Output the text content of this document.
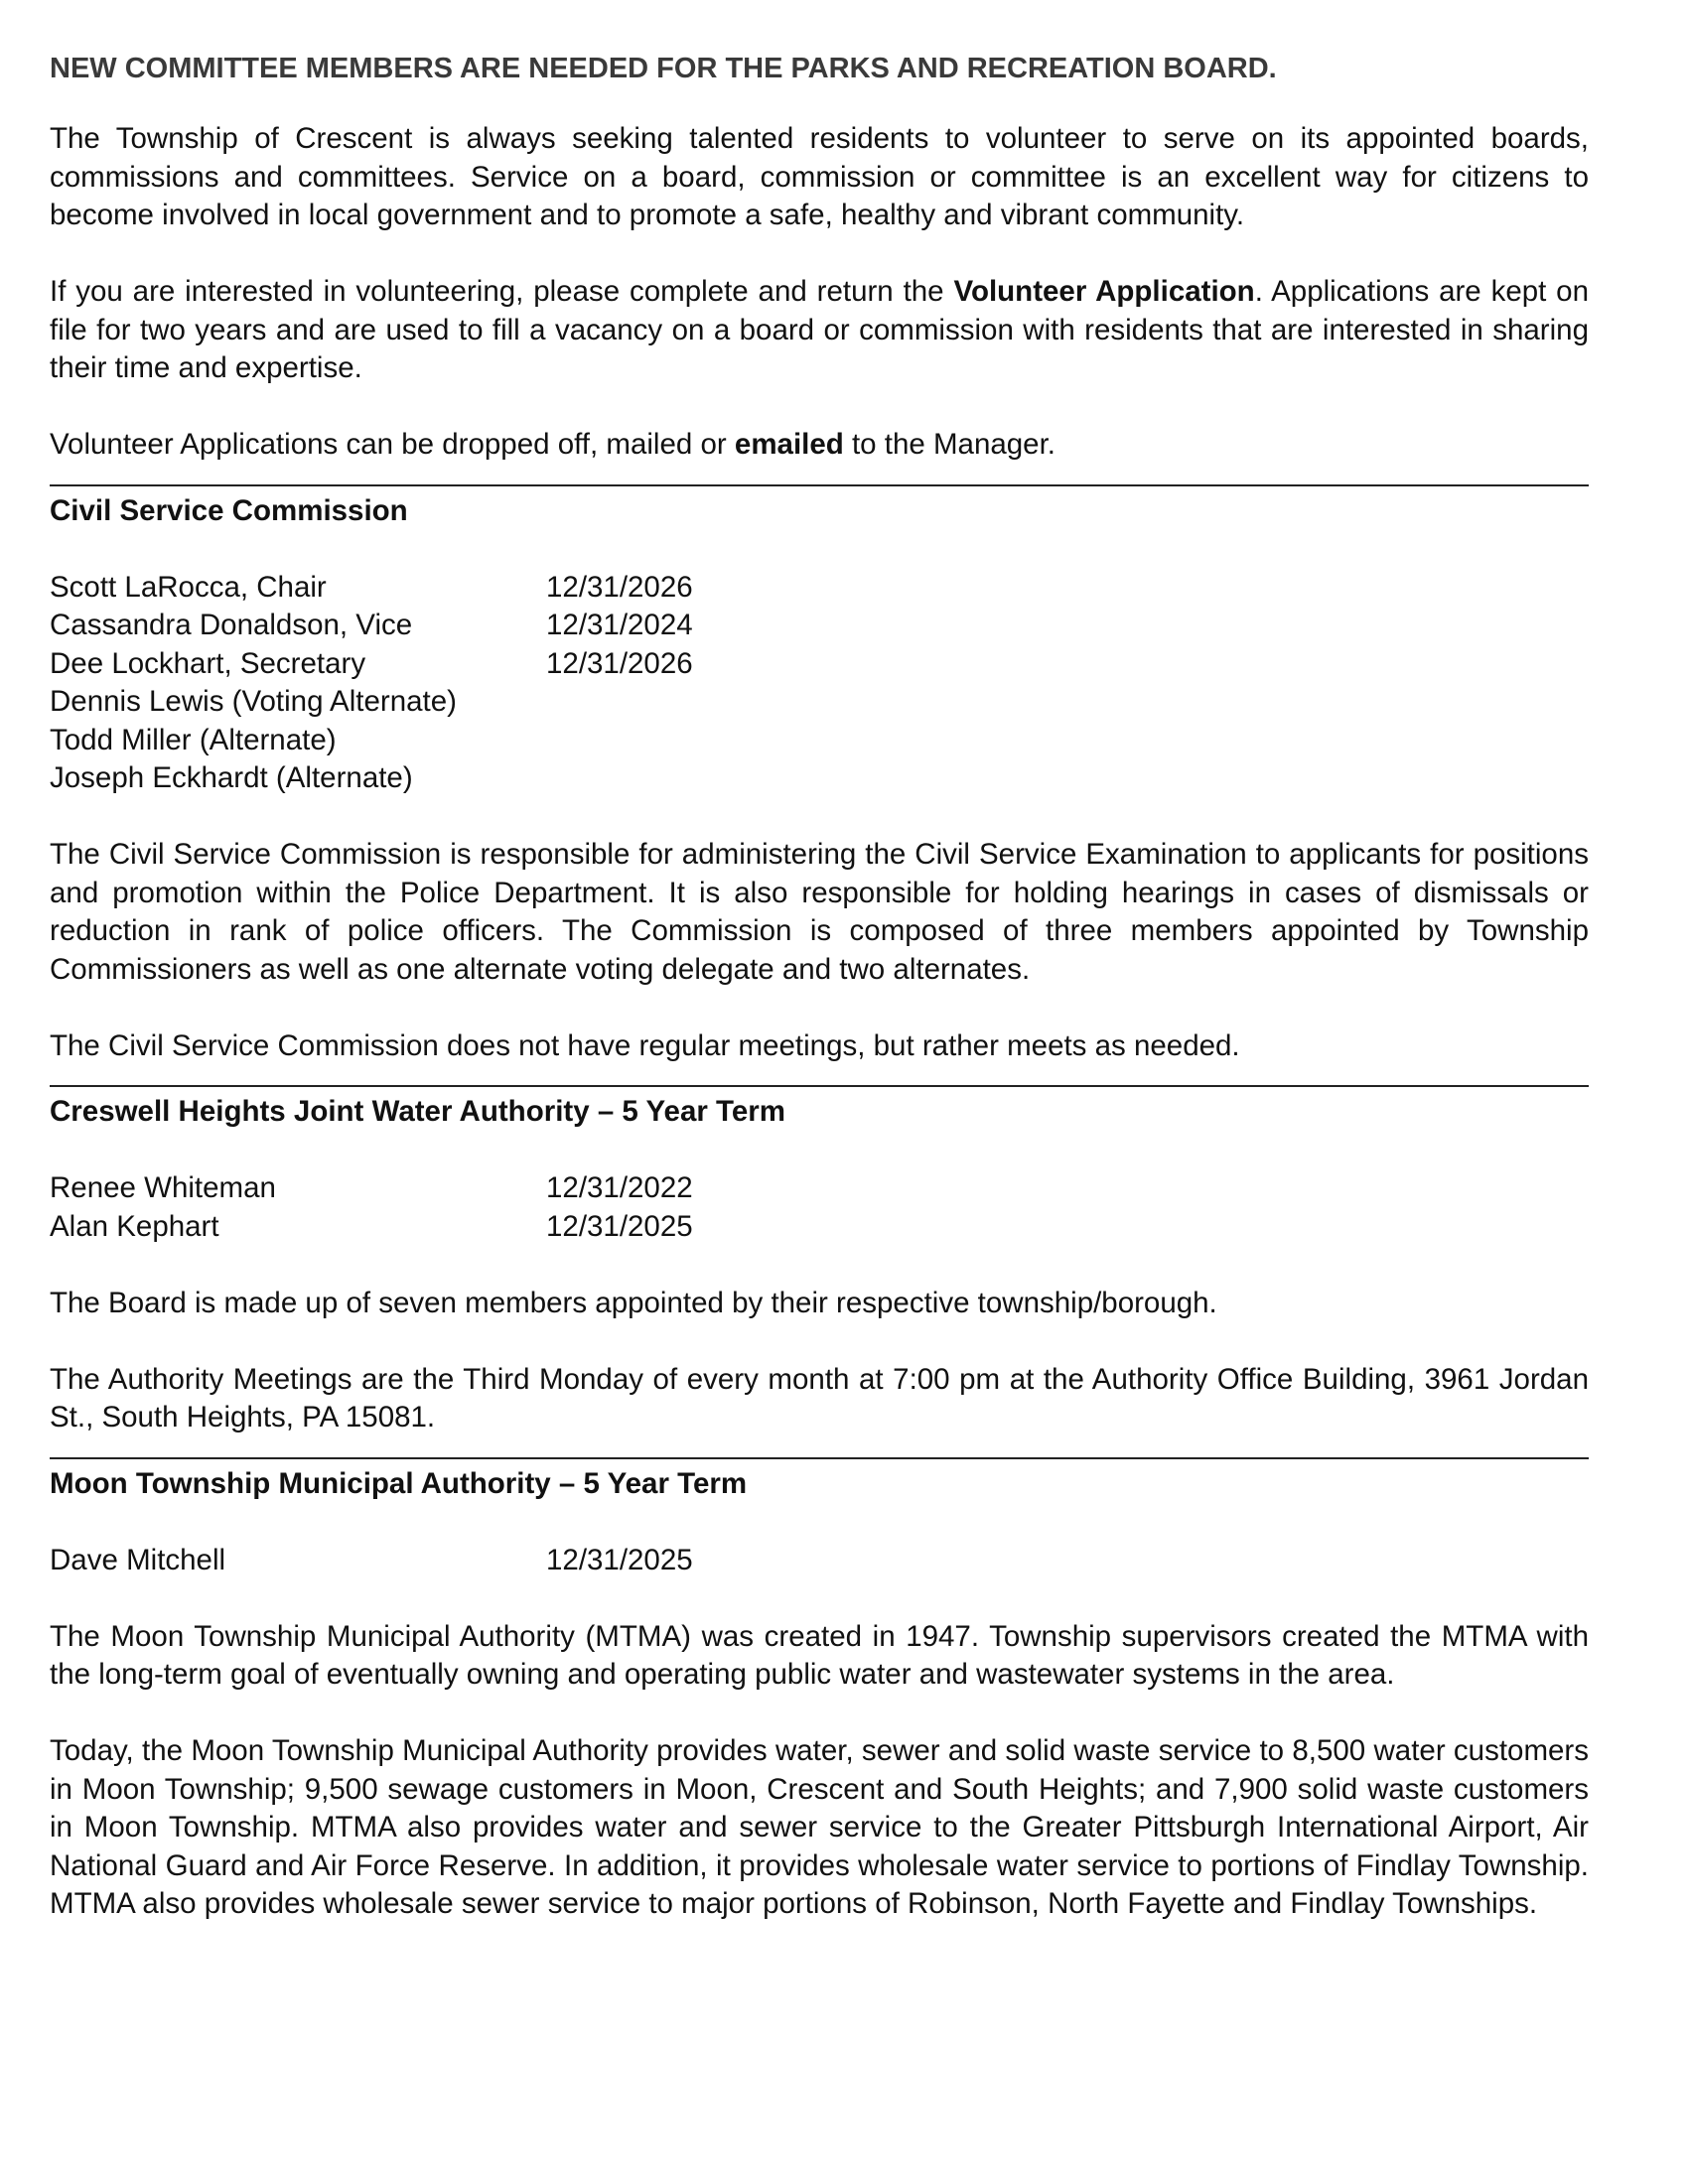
NEW COMMITTEE MEMBERS ARE NEEDED FOR THE PARKS AND RECREATION BOARD.

The Township of Crescent is always seeking talented residents to volunteer to serve on its appointed boards, commissions and committees. Service on a board, commission or committee is an excellent way for citizens to become involved in local government and to promote a safe, healthy and vibrant community.

If you are interested in volunteering, please complete and return the Volunteer Application. Applications are kept on file for two years and are used to fill a vacancy on a board or commission with residents that are interested in sharing their time and expertise.

Volunteer Applications can be dropped off, mailed or emailed to the Manager.

Civil Service Commission
Scott LaRocca, Chair	12/31/2026
Cassandra Donaldson, Vice	12/31/2024
Dee Lockhart, Secretary	12/31/2026
Dennis Lewis (Voting Alternate)
Todd Miller (Alternate)
Joseph Eckhardt (Alternate)

The Civil Service Commission is responsible for administering the Civil Service Examination to applicants for positions and promotion within the Police Department. It is also responsible for holding hearings in cases of dismissals or reduction in rank of police officers. The Commission is composed of three members appointed by Township Commissioners as well as one alternate voting delegate and two alternates.

The Civil Service Commission does not have regular meetings, but rather meets as needed.

Creswell Heights Joint Water Authority – 5 Year Term
Renee Whiteman	12/31/2022
Alan Kephart	12/31/2025

The Board is made up of seven members appointed by their respective township/borough.

The Authority Meetings are the Third Monday of every month at 7:00 pm at the Authority Office Building, 3961 Jordan St., South Heights, PA 15081.

Moon Township Municipal Authority – 5 Year Term
Dave Mitchell	12/31/2025

The Moon Township Municipal Authority (MTMA) was created in 1947. Township supervisors created the MTMA with the long-term goal of eventually owning and operating public water and wastewater systems in the area.

Today, the Moon Township Municipal Authority provides water, sewer and solid waste service to 8,500 water customers in Moon Township; 9,500 sewage customers in Moon, Crescent and South Heights; and 7,900 solid waste customers in Moon Township. MTMA also provides water and sewer service to the Greater Pittsburgh International Airport, Air National Guard and Air Force Reserve. In addition, it provides wholesale water service to portions of Findlay Township. MTMA also provides wholesale sewer service to major portions of Robinson, North Fayette and Findlay Townships.
